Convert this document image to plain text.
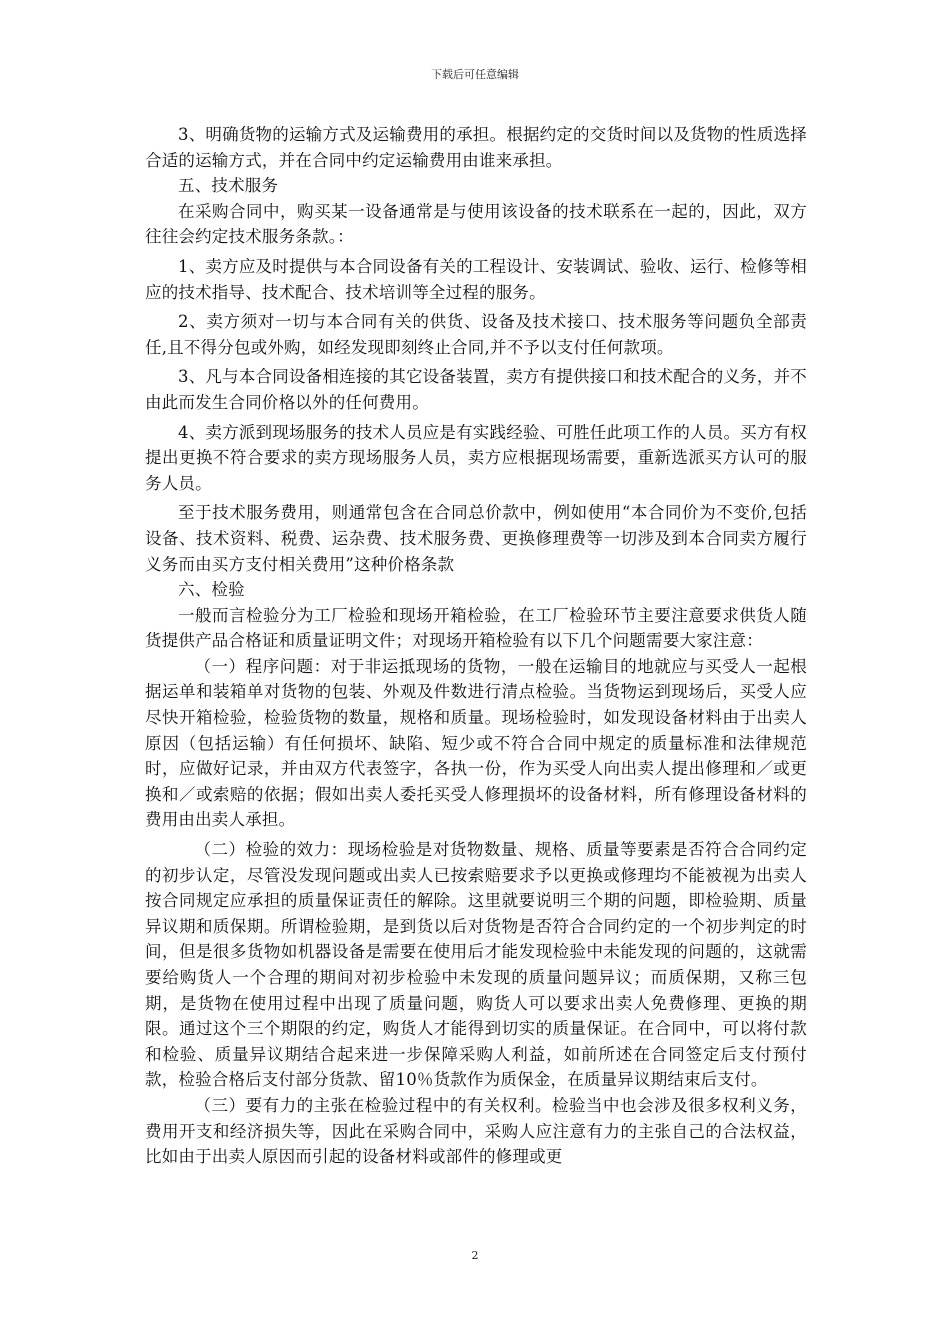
下载后可任意编辑

3、明确货物的运输方式及运输费用的承担。根据约定的交货时间以及货物的性质选择合适的运输方式，并在合同中约定运输费用由谁来承担。

五、技术服务

在采购合同中，购买某一设备通常是与使用该设备的技术联系在一起的，因此，双方往往会约定技术服务条款。：

1、卖方应及时提供与本合同设备有关的工程设计、安装调试、验收、运行、检修等相应的技术指导、技术配合、技术培训等全过程的服务。

2、卖方须对一切与本合同有关的供货、设备及技术接口、技术服务等问题负全部责任,且不得分包或外购，如经发现即刻终止合同,并不予以支付任何款项。

3、凡与本合同设备相连接的其它设备装置，卖方有提供接口和技术配合的义务，并不由此而发生合同价格以外的任何费用。

4、卖方派到现场服务的技术人员应是有实践经验、可胜任此项工作的人员。买方有权提出更换不符合要求的卖方现场服务人员，卖方应根据现场需要，重新选派买方认可的服务人员。

至于技术服务费用，则通常包含在合同总价款中，例如使用“本合同价为不变价,包括设备、技术资料、税费、运杂费、技术服务费、更换修理费等一切涉及到本合同卖方履行义务而由买方支付相关费用”这种价格条款

六、检验

一般而言检验分为工厂检验和现场开箱检验，在工厂检验环节主要注意要求供货人随货提供产品合格证和质量证明文件；对现场开箱检验有以下几个问题需要大家注意：

（一）程序问题：对于非运抵现场的货物，一般在运输目的地就应与买受人一起根据运单和装箱单对货物的包装、外观及件数进行清点检验。当货物运到现场后，买受人应尽快开箱检验，检验货物的数量，规格和质量。现场检验时，如发现设备材料由于出卖人原因（包括运输）有任何损坏、缺陷、短少或不符合合同中规定的质量标准和法律规范时，应做好记录，并由双方代表签字，各执一份，作为买受人向出卖人提出修理和／或更换和／或索赔的依据；假如出卖人委托买受人修理损坏的设备材料，所有修理设备材料的费用由出卖人承担。

（二）检验的效力：现场检验是对货物数量、规格、质量等要素是否符合合同约定的初步认定，尽管没发现问题或出卖人已按索赔要求予以更换或修理均不能被视为出卖人按合同规定应承担的质量保证责任的解除。这里就要说明三个期的问题，即检验期、质量异议期和质保期。所谓检验期，是到货以后对货物是否符合合同约定的一个初步判定的时间，但是很多货物如机器设备是需要在使用后才能发现检验中未能发现的问题的，这就需要给购货人一个合理的期间对初步检验中未发现的质量问题异议；而质保期，又称三包期，是货物在使用过程中出现了质量问题，购货人可以要求出卖人免费修理、更换的期限。通过这个三个期限的约定，购货人才能得到切实的质量保证。在合同中，可以将付款和检验、质量异议期结合起来进一步保障采购人利益，如前所述在合同签定后支付预付款，检验合格后支付部分货款、留10％货款作为质保金，在质量异议期结束后支付。

（三）要有力的主张在检验过程中的有关权利。检验当中也会涉及很多权利义务，费用开支和经济损失等，因此在采购合同中，采购人应注意有力的主张自己的合法权益，比如由于出卖人原因而引起的设备材料或部件的修理或更

2
